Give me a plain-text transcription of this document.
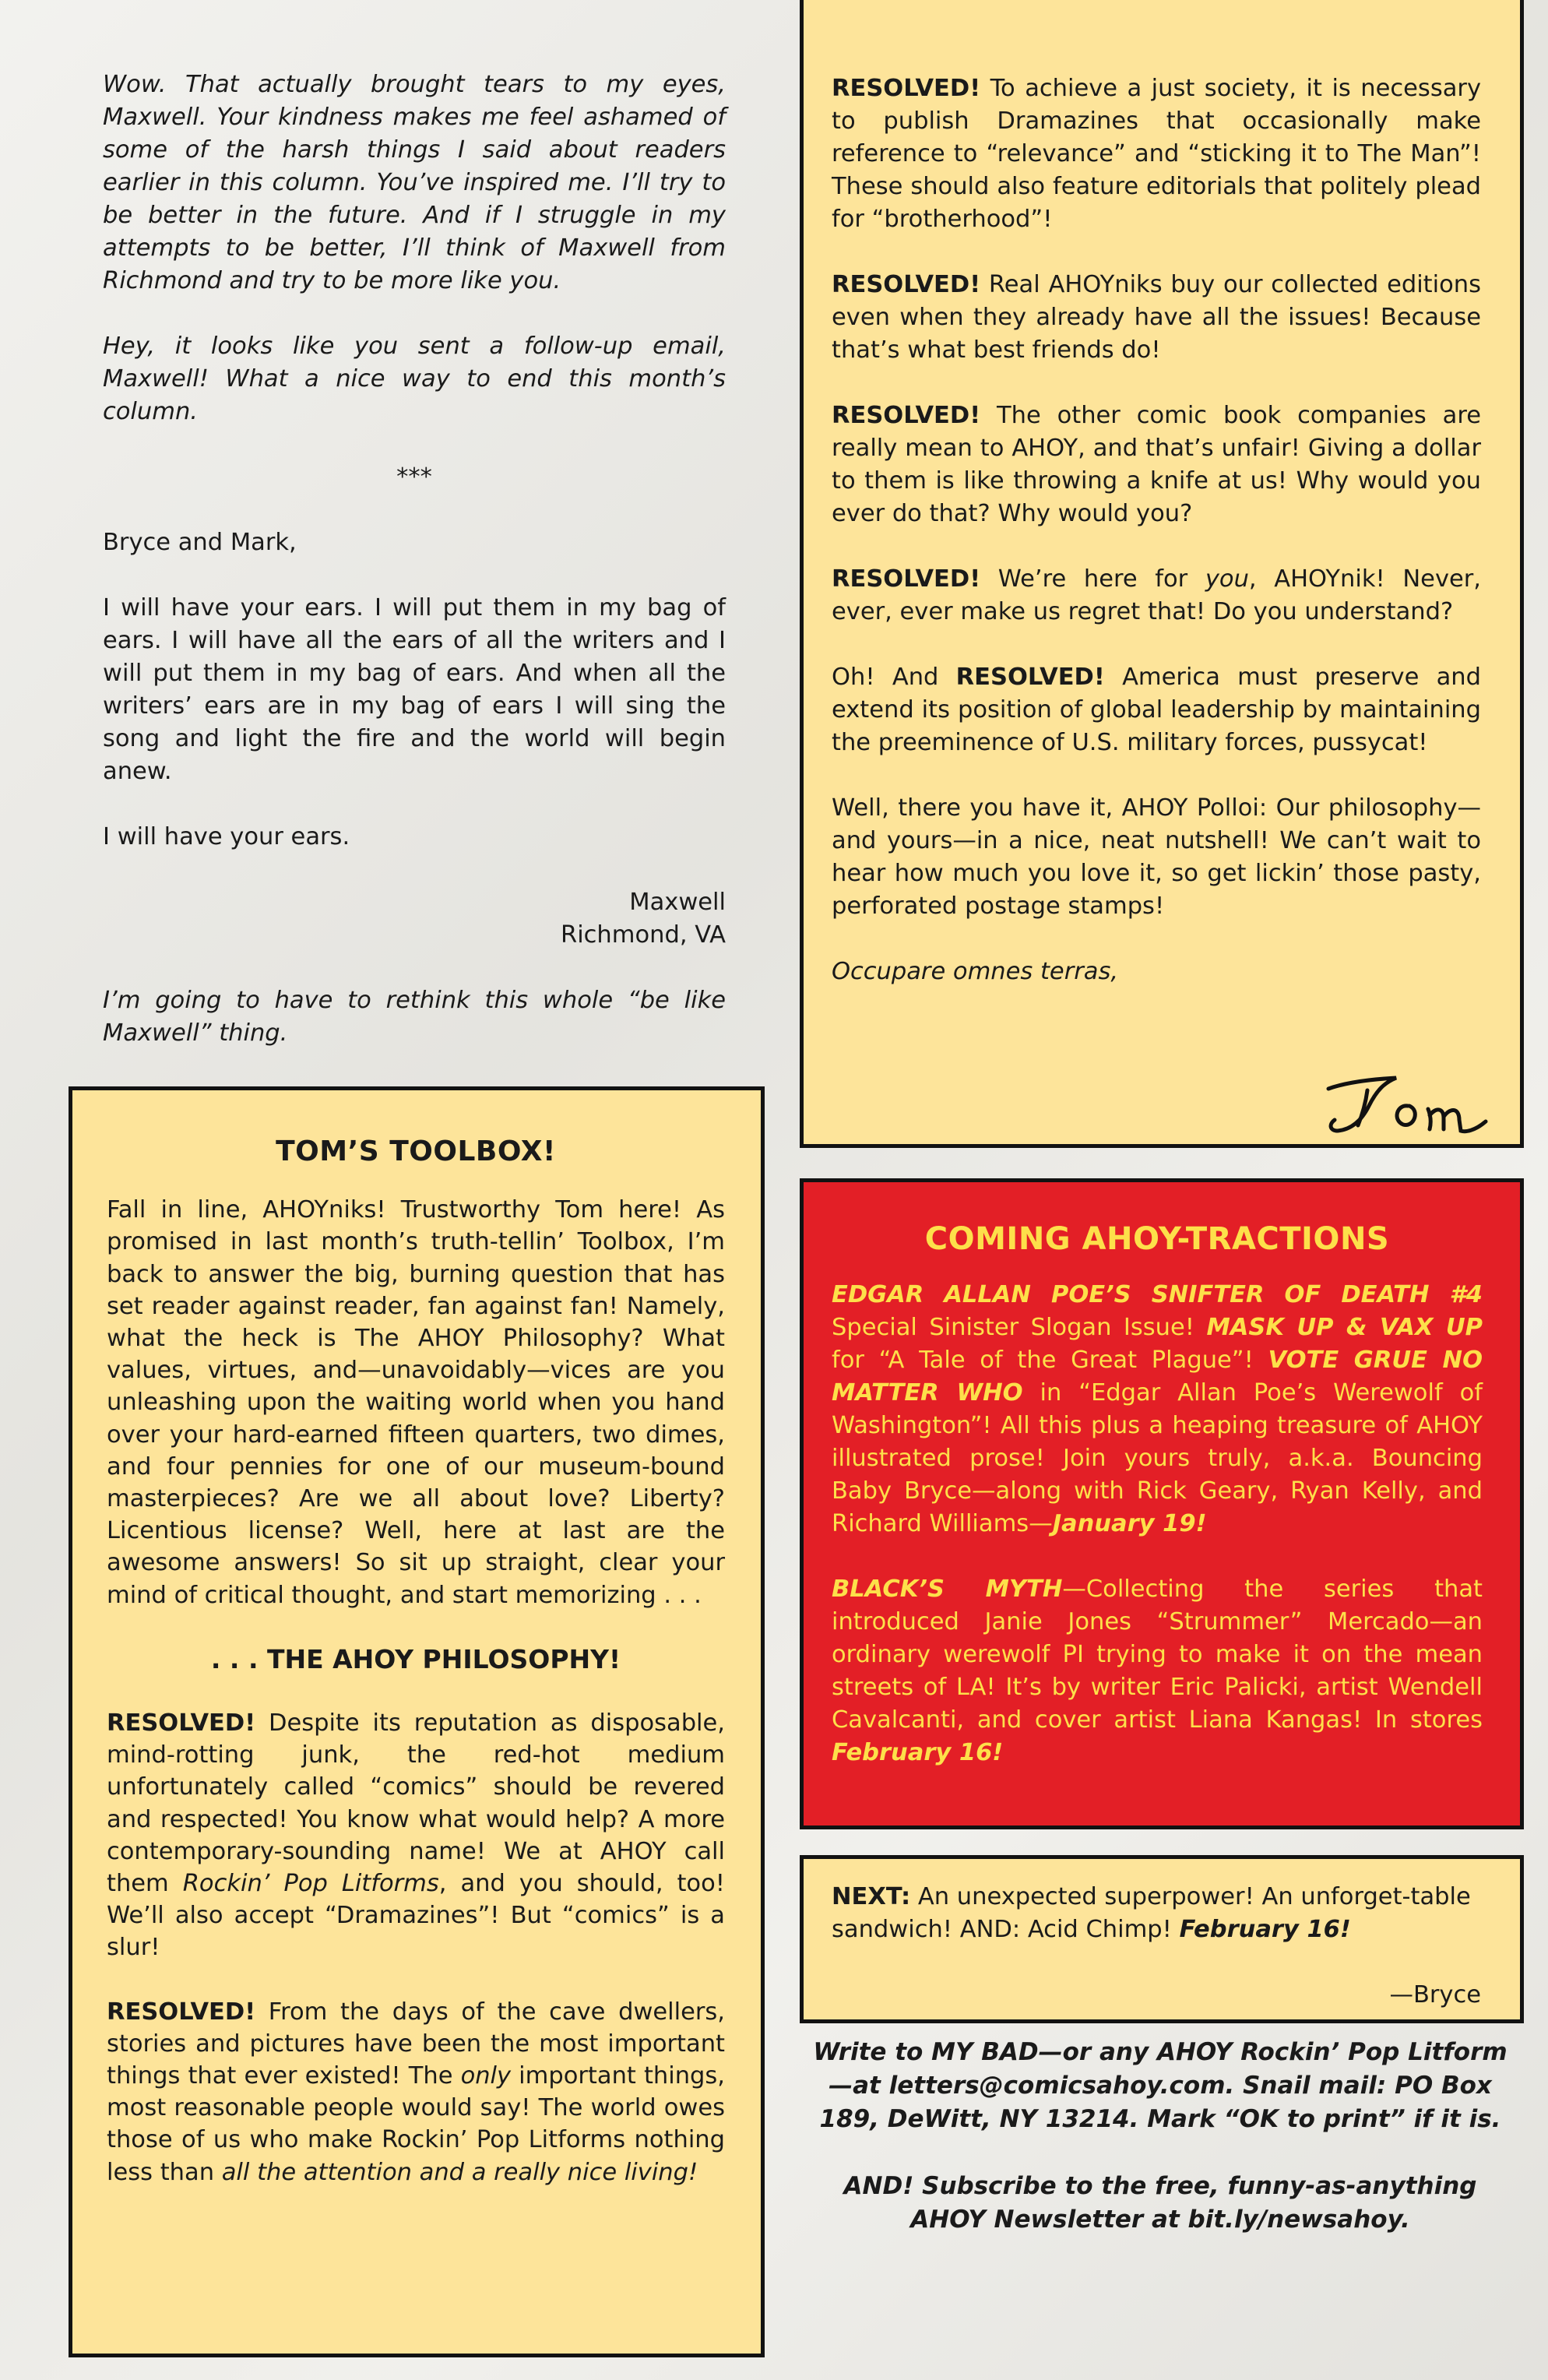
Wow. That actually brought tears to my eyes, Maxwell. Your kindness makes me feel ashamed of some of the harsh things I said about readers earlier in this column. You’ve inspired me. I’ll try to be better in the future. And if I struggle in my attempts to be better, I’ll think of Maxwell from Richmond and try to be more like you.

Hey, it looks like you sent a follow-up email, Maxwell! What a nice way to end this month’s column.

***

Bryce and Mark,

I will have your ears. I will put them in my bag of ears. I will have all the ears of all the writers and I will put them in my bag of ears. And when all the writers’ ears are in my bag of ears I will sing the song and light the fire and the world will begin anew.

I will have your ears.

Maxwell

Richmond, VA

I’m going to have to rethink this whole “be like Maxwell” thing.

TOM’S TOOLBOX!

Fall in line, AHOYniks! Trustworthy Tom here! As promised in last month’s truth-tellin’ Toolbox, I’m back to answer the big, burning question that has set reader against reader, fan against fan! Namely, what the heck is The AHOY Philosophy? What values, virtues, and—unavoidably—vices are you unleashing upon the waiting world when you hand over your hard-earned fifteen quarters, two dimes, and four pennies for one of our museum-bound masterpieces? Are we all about love? Liberty? Licentious license? Well, here at last are the awesome answers! So sit up straight, clear your mind of critical thought, and start memorizing . . .

. . . THE AHOY PHILOSOPHY!

RESOLVED! Despite its reputation as disposable, mind-rotting junk, the red-hot medium unfortunately called “comics” should be revered and respected! You know what would help? A more contemporary-sounding name! We at AHOY call them Rockin’ Pop Litforms, and you should, too! We’ll also accept “Dramazines”! But “comics” is a slur!

RESOLVED! From the days of the cave dwellers, stories and pictures have been the most important things that ever existed! The only important things, most reasonable people would say! The world owes those of us who make Rockin’ Pop Litforms nothing less than all the attention and a really nice living!

RESOLVED! To achieve a just society, it is necessary to publish Dramazines that occasionally make reference to “relevance” and “sticking it to The Man”! These should also feature editorials that politely plead for “brotherhood”!

RESOLVED! Real AHOYniks buy our collected editions even when they already have all the issues! Because that’s what best friends do!

RESOLVED! The other comic book companies are really mean to AHOY, and that’s unfair! Giving a dollar to them is like throwing a knife at us! Why would you ever do that? Why would you?

RESOLVED! We’re here for you, AHOYnik! Never, ever, ever make us regret that! Do you understand?

Oh! And RESOLVED! America must preserve and extend its position of global leadership by maintaining the preeminence of U.S. military forces, pussycat!

Well, there you have it, AHOY Polloi: Our philosophy—and yours—in a nice, neat nutshell! We can’t wait to hear how much you love it, so get lickin’ those pasty, perforated postage stamps!

Occupare omnes terras,

COMING AHOY-TRACTIONS

EDGAR ALLAN POE’S SNIFTER OF DEATH #4 Special Sinister Slogan Issue! MASK UP & VAX UP for “A Tale of the Great Plague”! VOTE GRUE NO MATTER WHO in “Edgar Allan Poe’s Werewolf of Washington”! All this plus a heaping treasure of AHOY illustrated prose! Join yours truly, a.k.a. Bouncing Baby Bryce—along with Rick Geary, Ryan Kelly, and Richard Williams—January 19!

BLACK’S MYTH—Collecting the series that introduced Janie Jones “Strummer” Mercado—an ordinary werewolf PI trying to make it on the mean streets of LA! It’s by writer Eric Palicki, artist Wendell Cavalcanti, and cover artist Liana Kangas! In stores February 16!

NEXT: An unexpected superpower! An unforget-table sandwich! AND: Acid Chimp! February 16!

—Bryce

Write to MY BAD—or any AHOY Rockin’ Pop Litform—at letters@comicsahoy.com. Snail mail: PO Box 189, DeWitt, NY 13214. Mark “OK to print” if it is.

AND! Subscribe to the free, funny-as-anything AHOY Newsletter at bit.ly/newsahoy.
